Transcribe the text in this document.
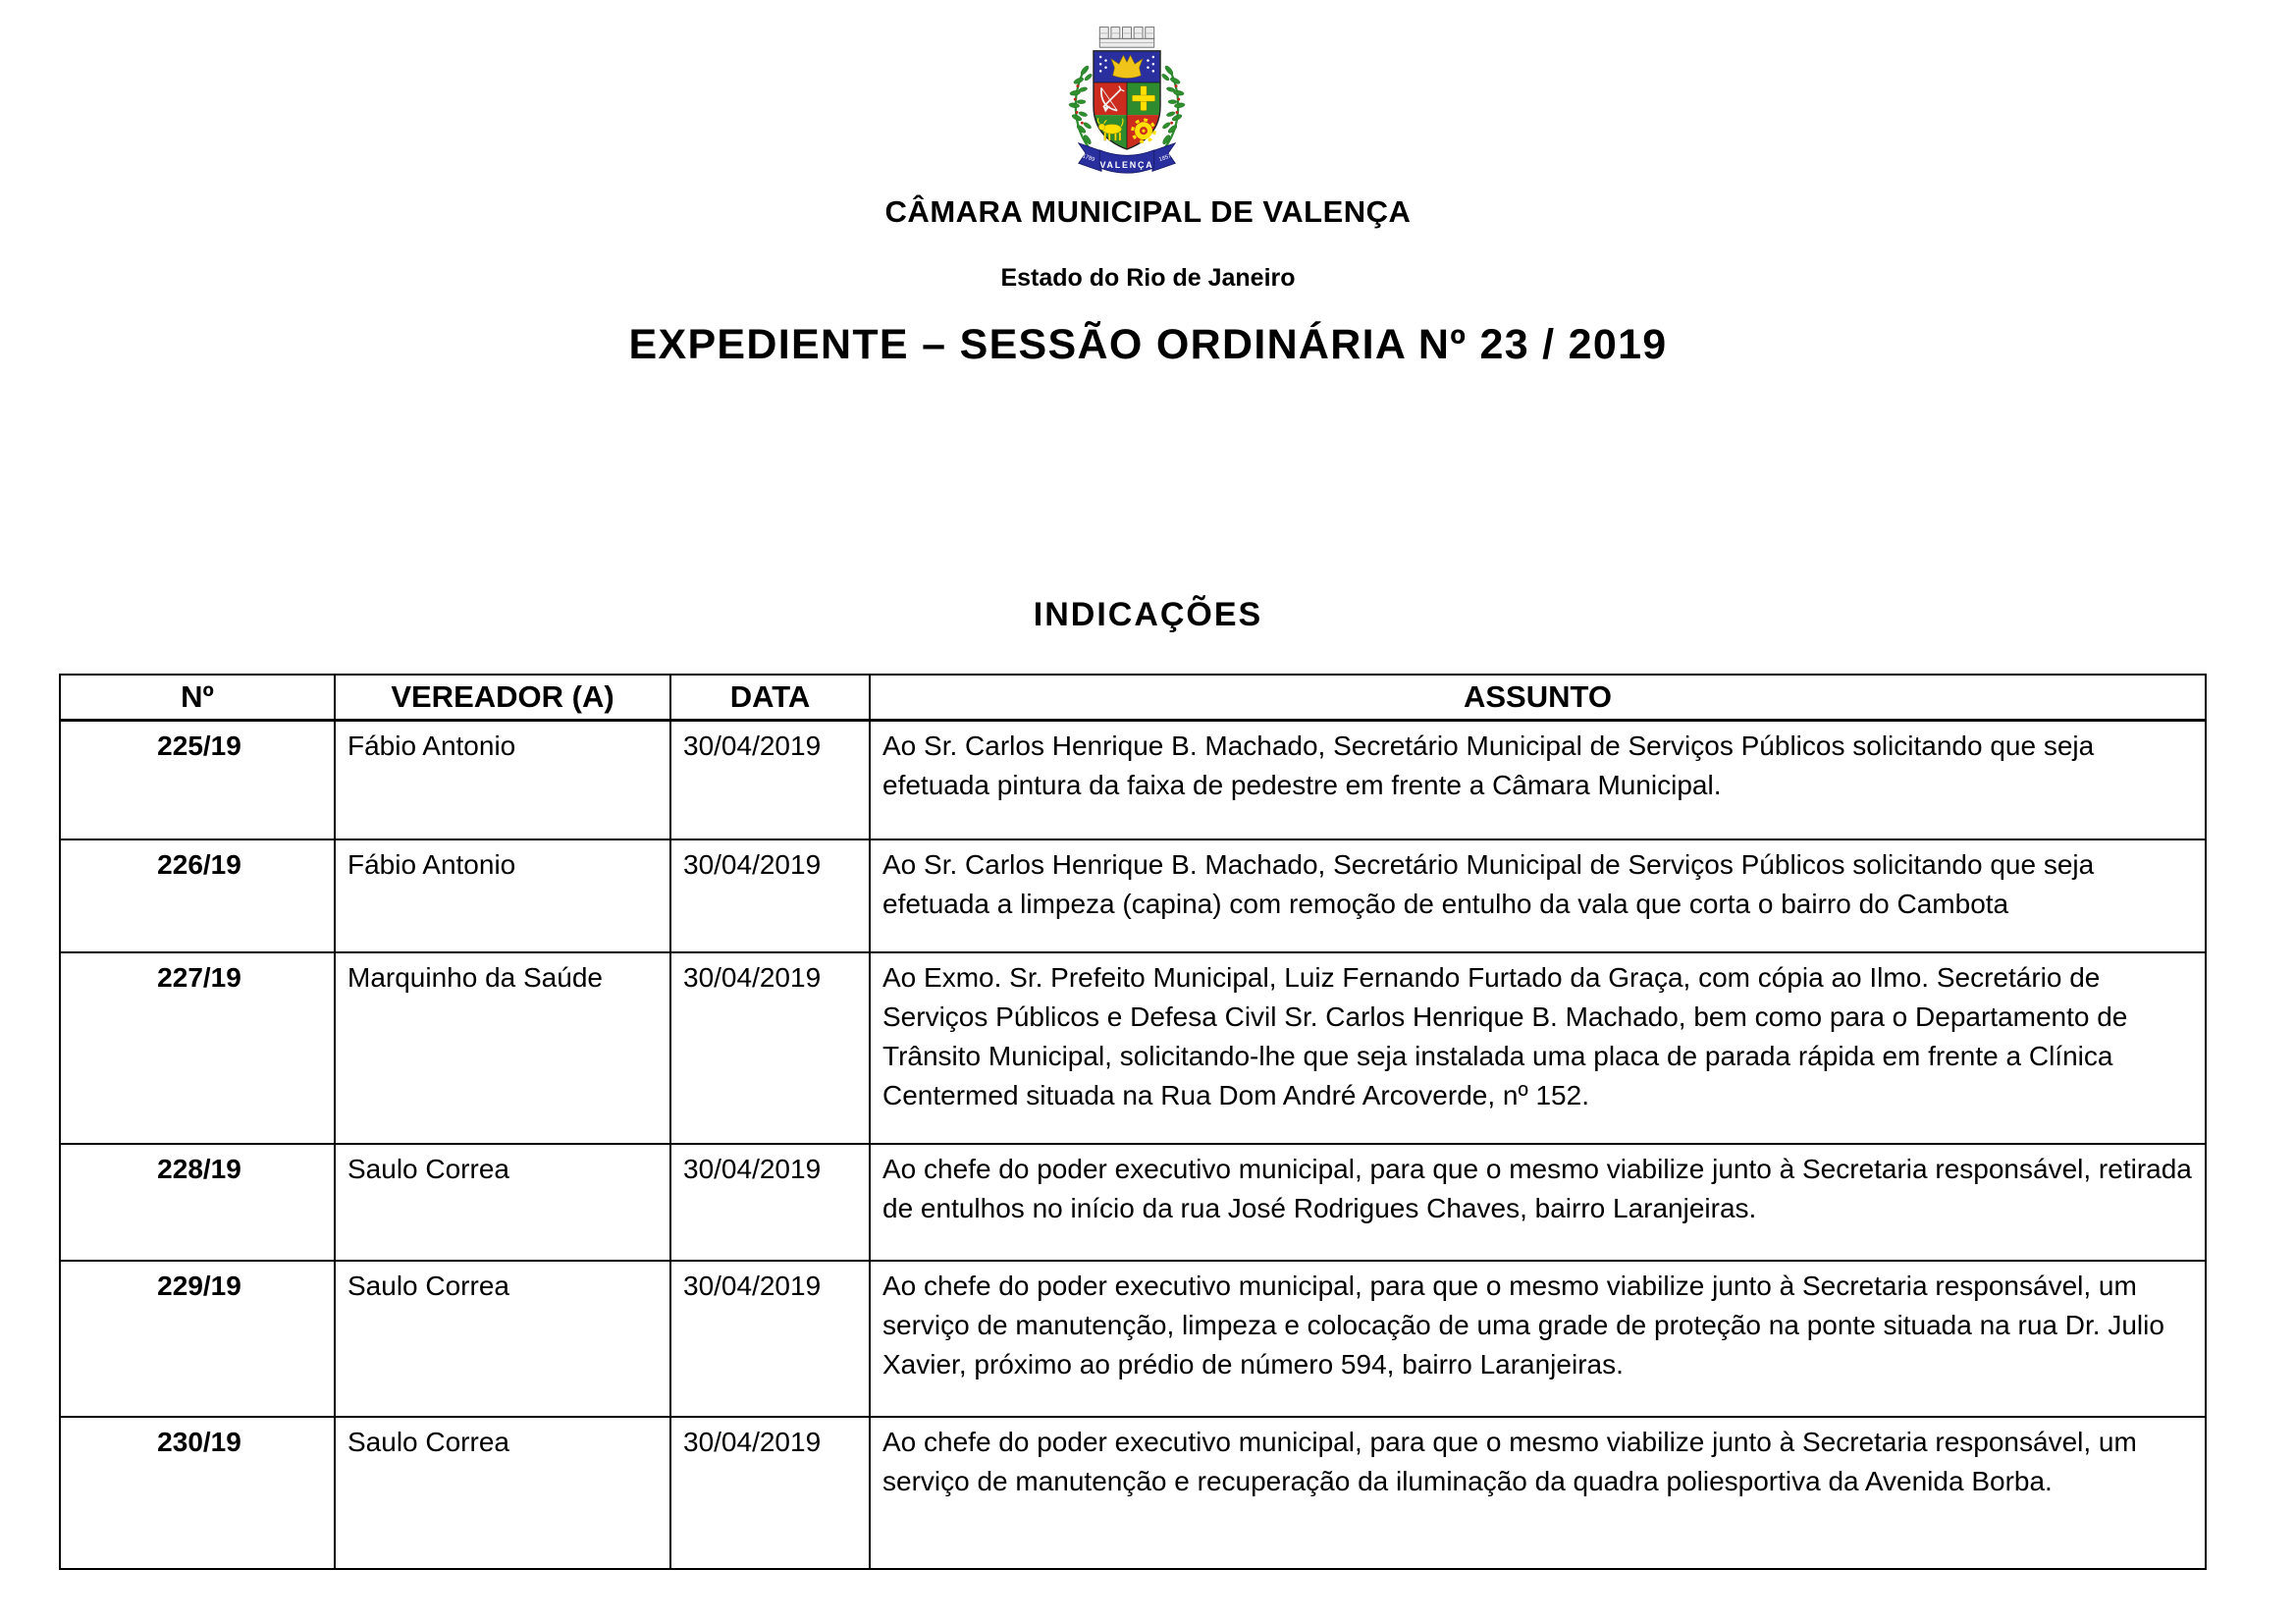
1789
VALENÇA
1857
CÂMARA MUNICIPAL DE VALENÇA
Estado do Rio de Janeiro
EXPEDIENTE – SESSÃO ORDINÁRIA Nº 23 / 2019
INDICAÇÕES
Nº	VEREADOR (A)	DATA	ASSUNTO
225/19	Fábio Antonio	30/04/2019	Ao Sr. Carlos Henrique B. Machado, Secretário Municipal de Serviços Públicos solicitando que seja efetuada pintura da faixa de pedestre em frente a Câmara Municipal.
226/19	Fábio Antonio	30/04/2019	Ao Sr. Carlos Henrique B. Machado, Secretário Municipal de Serviços Públicos solicitando que seja efetuada a limpeza (capina) com remoção de entulho da vala que corta o bairro do Cambota
227/19	Marquinho da Saúde	30/04/2019	Ao Exmo. Sr. Prefeito Municipal, Luiz Fernando Furtado da Graça, com cópia ao Ilmo. Secretário de Serviços Públicos e Defesa Civil Sr. Carlos Henrique B. Machado, bem como para o Departamento de Trânsito Municipal, solicitando-lhe que seja instalada uma placa de parada rápida em frente a Clínica Centermed situada na Rua Dom André Arcoverde, nº 152.
228/19	Saulo Correa	30/04/2019	Ao chefe do poder executivo municipal, para que o mesmo viabilize junto à Secretaria responsável, retirada de entulhos no início da rua José Rodrigues Chaves, bairro Laranjeiras.
229/19	Saulo Correa	30/04/2019	Ao chefe do poder executivo municipal, para que o mesmo viabilize junto à Secretaria responsável, um serviço de manutenção, limpeza e colocação de uma grade de proteção na ponte situada na rua Dr. Julio Xavier, próximo ao prédio de número 594, bairro Laranjeiras.
230/19	Saulo Correa	30/04/2019	Ao chefe do poder executivo municipal, para que o mesmo viabilize junto à Secretaria responsável, um serviço de manutenção e recuperação da iluminação da quadra poliesportiva da Avenida Borba.
